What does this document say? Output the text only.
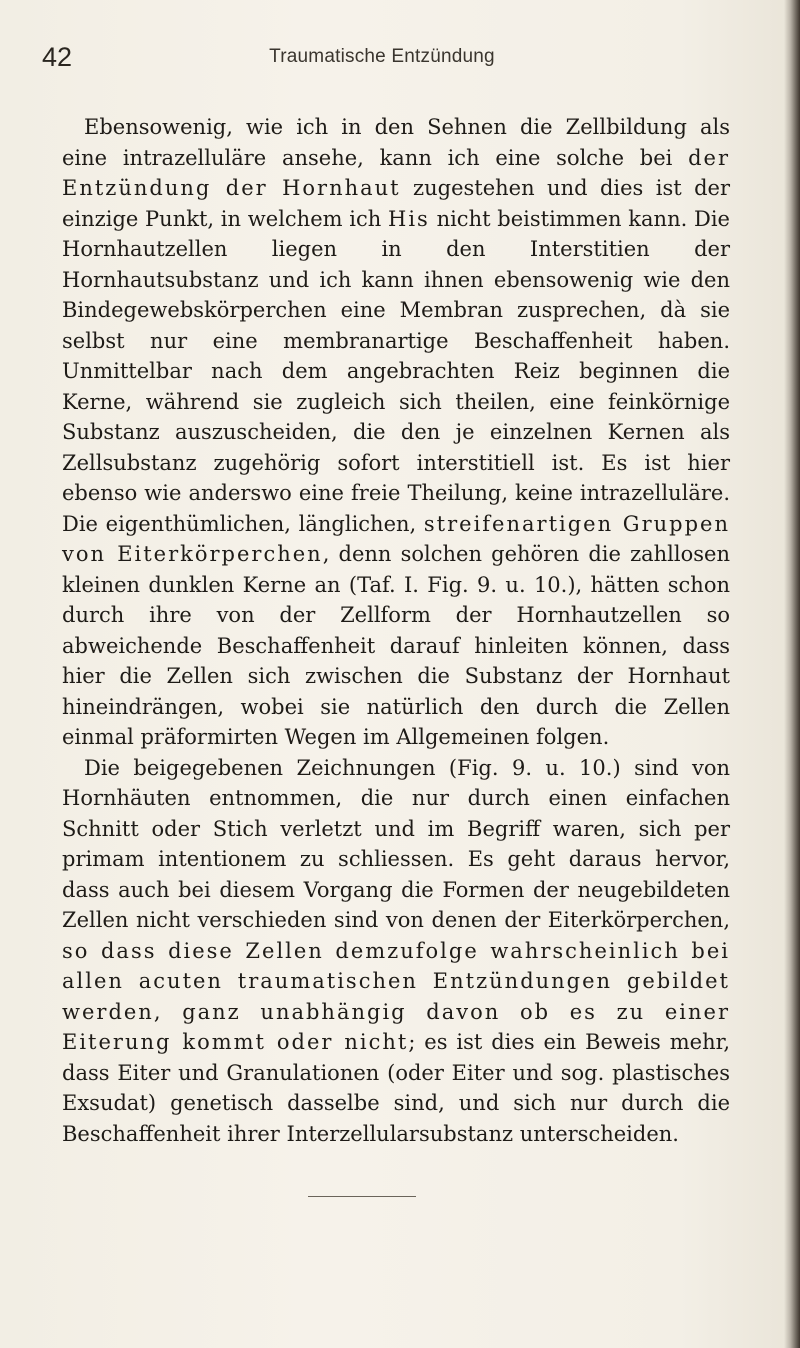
42	Traumatische Entzündung

Ebensowenig, wie ich in den Sehnen die Zellbildung als eine intrazelluläre ansehe, kann ich eine solche bei der Entzündung der Hornhaut zugestehen und dies ist der einzige Punkt, in welchem ich His nicht beistimmen kann. Die Hornhautzellen liegen in den Interstitien der Hornhautsubstanz und ich kann ihnen ebensowenig wie den Bindegewebskörperchen eine Membran zusprechen, dà sie selbst nur eine membranartige Beschaffenheit haben. Unmittelbar nach dem angebrachten Reiz beginnen die Kerne, während sie zugleich sich theilen, eine feinkörnige Substanz auszuscheiden, die den je einzelnen Kernen als Zellsubstanz zugehörig sofort interstitiell ist. Es ist hier ebenso wie anderswo eine freie Theilung, keine intrazelluläre. Die eigenthümlichen, länglichen, streifenartigen Gruppen von Eiterkörperchen, denn solchen gehören die zahllosen kleinen dunklen Kerne an (Taf. I. Fig. 9. u. 10.), hätten schon durch ihre von der Zellform der Hornhautzellen so abweichende Beschaffenheit darauf hinleiten können, dass hier die Zellen sich zwischen die Substanz der Hornhaut hineindrängen, wobei sie natürlich den durch die Zellen einmal präformirten Wegen im Allgemeinen folgen.

Die beigegebenen Zeichnungen (Fig. 9. u. 10.) sind von Hornhäuten entnommen, die nur durch einen einfachen Schnitt oder Stich verletzt und im Begriff waren, sich per primam intentionem zu schliessen. Es geht daraus hervor, dass auch bei diesem Vorgang die Formen der neugebildeten Zellen nicht verschieden sind von denen der Eiterkörperchen, so dass diese Zellen demzufolge wahrscheinlich bei allen acuten traumatischen Entzündungen gebildet werden, ganz unabhängig davon ob es zu einer Eiterung kommt oder nicht; es ist dies ein Beweis mehr, dass Eiter und Granulationen (oder Eiter und sog. plastisches Exsudat) genetisch dasselbe sind, und sich nur durch die Beschaffenheit ihrer Interzellularsubstanz unterscheiden.
